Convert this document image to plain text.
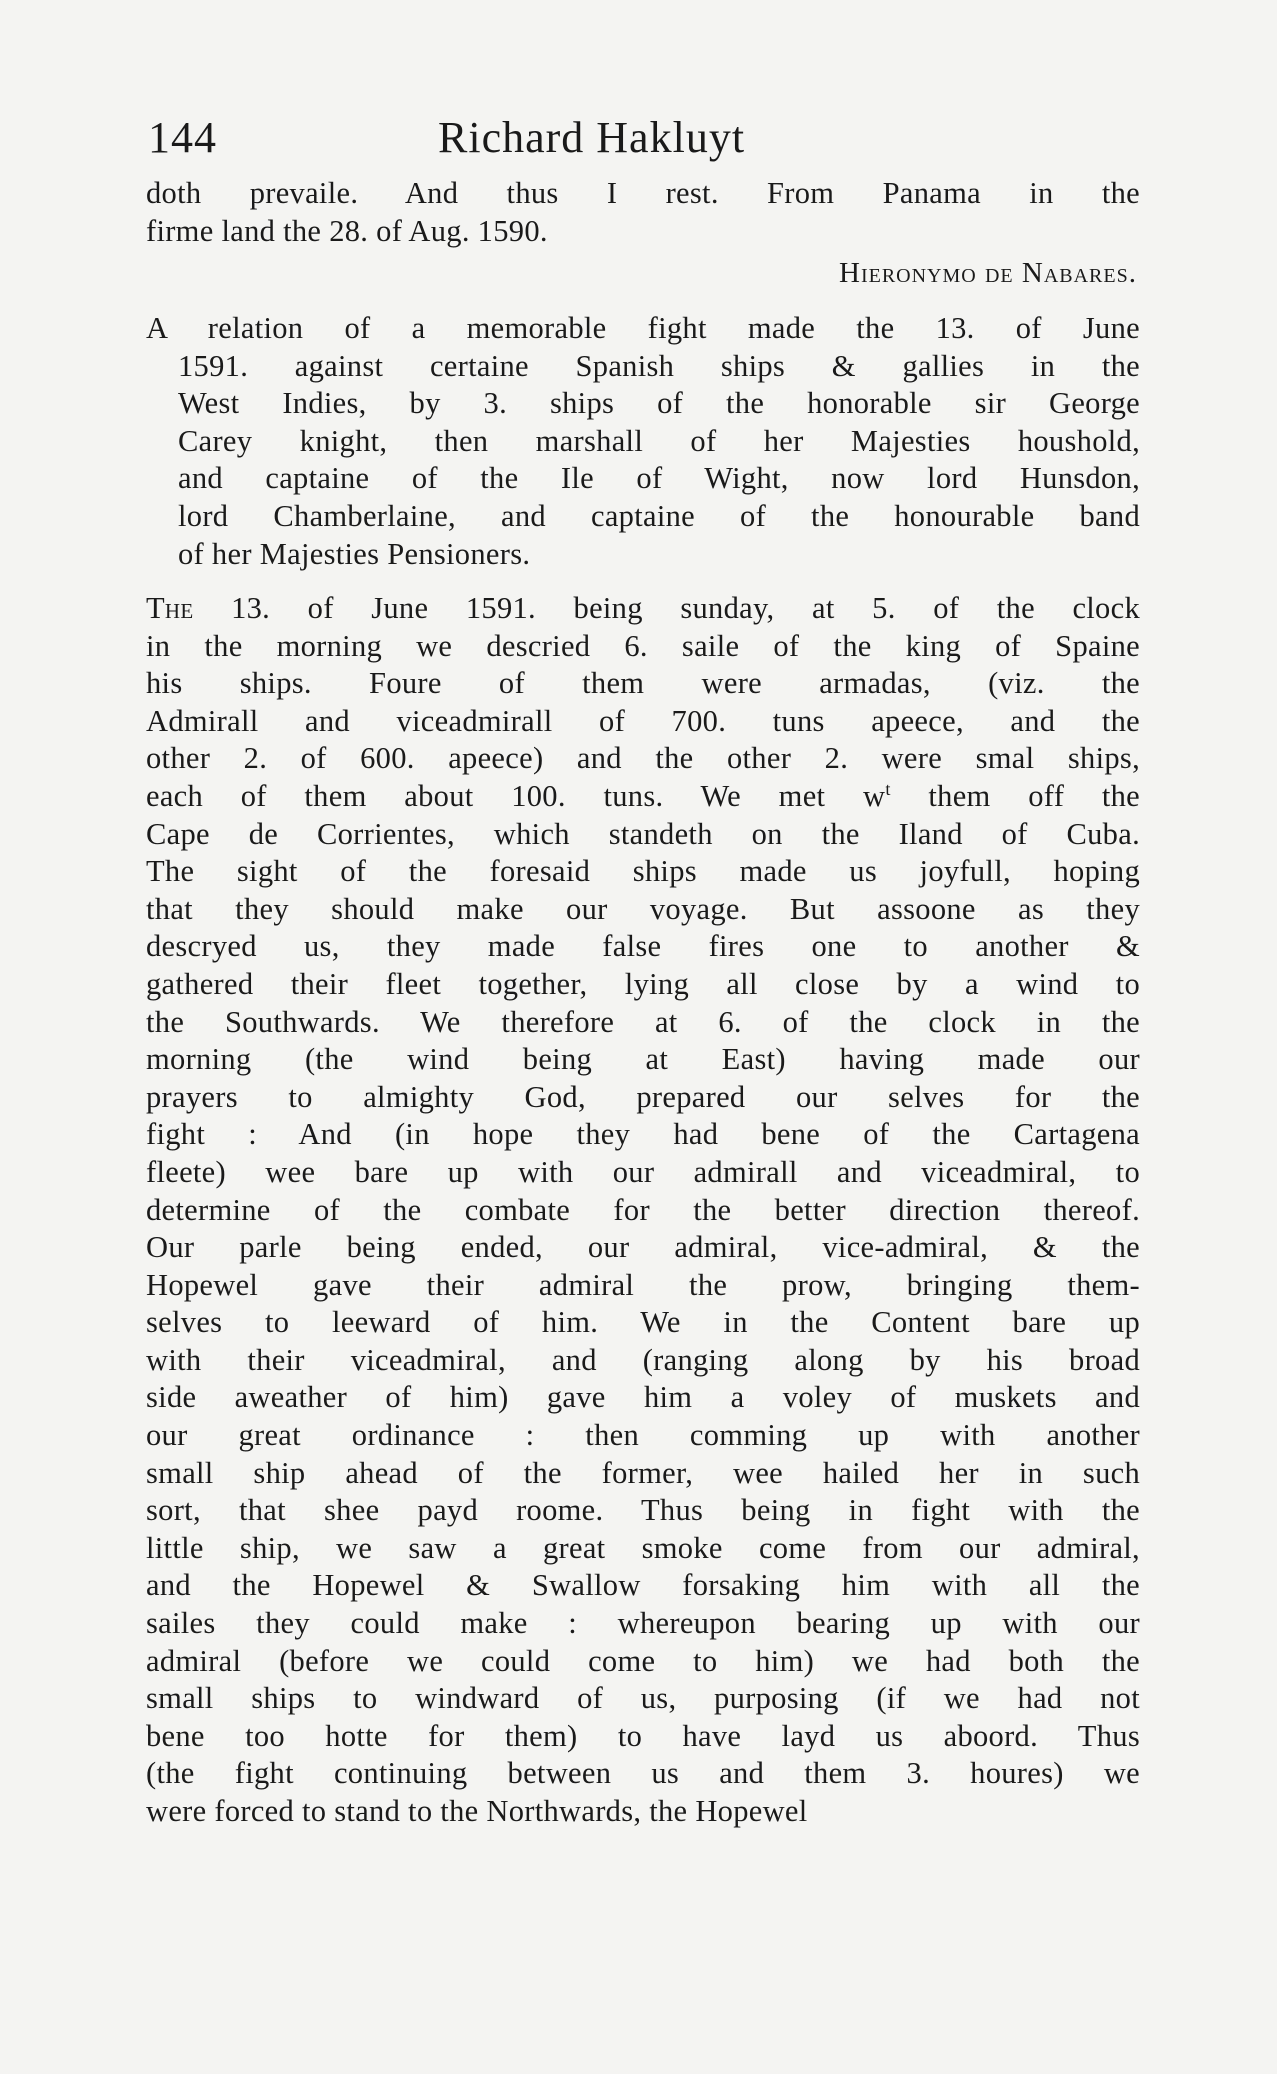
144	Richard Hakluyt
doth prevaile. And thus I rest. From Panama in the
firme land the 28. of Aug. 1590.
Hieronymo de Nabares.
A relation of a memorable fight made the 13. of June
1591. against certaine Spanish ships & gallies in the
West Indies, by 3. ships of the honorable sir George
Carey knight, then marshall of her Majesties houshold,
and captaine of the Ile of Wight, now lord Hunsdon,
lord Chamberlaine, and captaine of the honourable band
of her Majesties Pensioners.
The 13. of June 1591. being sunday, at 5. of the clock
in the morning we descried 6. saile of the king of Spaine
his ships. Foure of them were armadas, (viz. the
Admirall and viceadmirall of 700. tuns apeece, and the
other 2. of 600. apeece) and the other 2. were smal ships,
each of them about 100. tuns. We met $w^t$ them off the
Cape de Corrientes, which standeth on the Iland of Cuba.
The sight of the foresaid ships made us joyfull, hoping
that they should make our voyage. But assoone as they
descryed us, they made false fires one to another &
gathered their fleet together, lying all close by a wind to
the Southwards. We therefore at 6. of the clock in the
morning (the wind being at East) having made our
prayers to almighty God, prepared our selves for the
fight : And (in hope they had bene of the Cartagena
fleete) wee bare up with our admirall and viceadmiral, to
determine of the combate for the better direction thereof.
Our parle being ended, our admiral, vice-admiral, & the
Hopewel gave their admiral the prow, bringing them-
selves to leeward of him. We in the Content bare up
with their viceadmiral, and (ranging along by his broad
side aweather of him) gave him a voley of muskets and
our great ordinance : then comming up with another
small ship ahead of the former, wee hailed her in such
sort, that shee payd roome. Thus being in fight with the
little ship, we saw a great smoke come from our admiral,
and the Hopewel & Swallow forsaking him with all the
sailes they could make : whereupon bearing up with our
admiral (before we could come to him) we had both the
small ships to windward of us, purposing (if we had not
bene too hotte for them) to have layd us aboord. Thus
(the fight continuing between us and them 3. houres) we
were forced to stand to the Northwards, the Hopewel
